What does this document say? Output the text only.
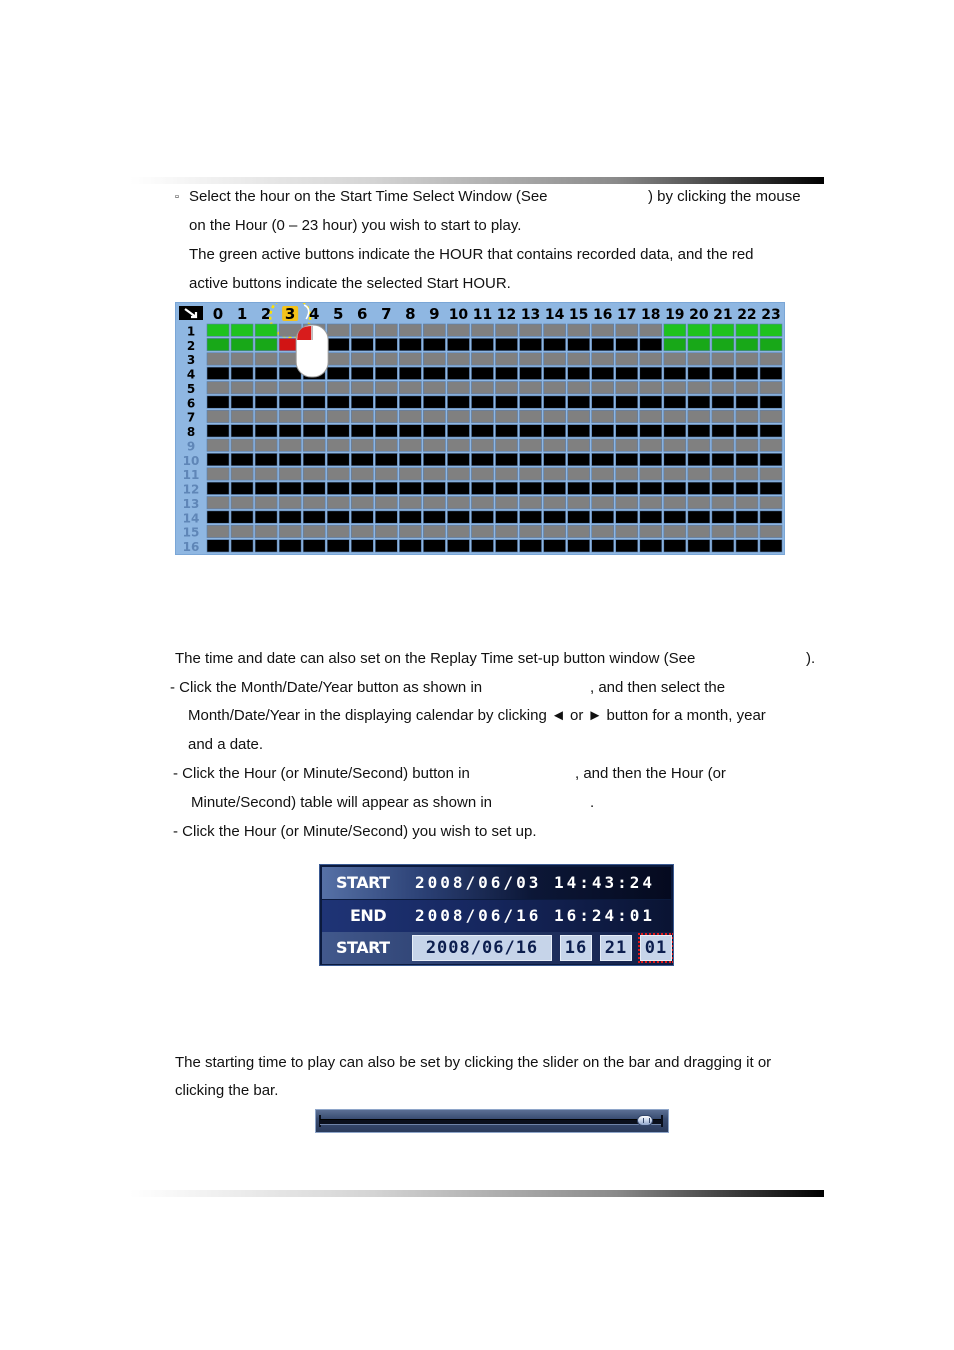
▫ Select the hour on the Start Time Select Window (See	) by clicking the mouse
on the Hour (0 – 23 hour) you wish to start to play.
The green active buttons indicate the HOUR that contains recorded data, and the red
active buttons indicate the selected Start HOUR.
0 1 2 3 4 5 6 7 8 9 10 11 12 13 14 15 16 17 18 19 20 21 22 23
1
2
3
4
5
6
7
8
9
10
11
12
13
14
15
16
The time and date can also set on the Replay Time set-up button window (See	).
- Click the Month/Date/Year button as shown in	, and then select the
Month/Date/Year in the displaying calendar by clicking ◄ or ► button for a month, year
and a date.
- Click the Hour (or Minute/Second) button in	, and then the Hour (or
Minute/Second) table will appear as shown in	.
- Click the Hour (or Minute/Second) you wish to set up.
START 2008/06/03 14:43:24
END 2008/06/16 16:24:01
START	2008/06/16	16 21 01
The starting time to play can also be set by clicking the slider on the bar and dragging it or
clicking the bar.
